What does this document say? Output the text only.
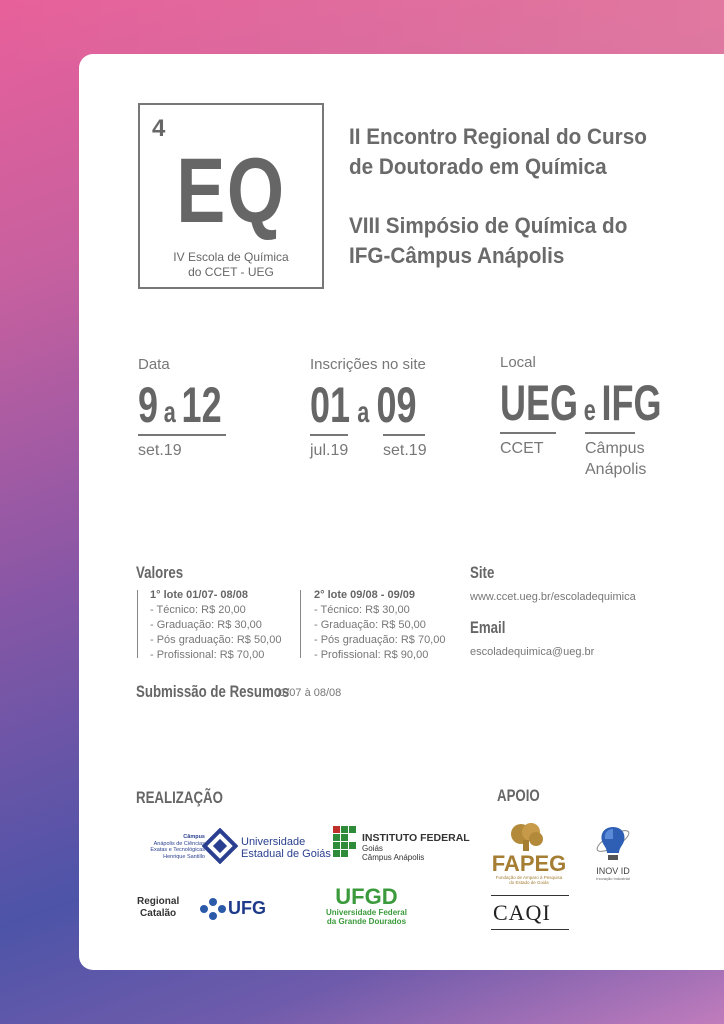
4
EQ
IV Escola de Química
do CCET - UEG
II Encontro Regional do Curso
de Doutorado em Química
VIII Simpósio de Química do
IFG-Câmpus Anápolis
Data
9 a 12
set.19
Inscrições no site
01 a 09
jul.19 set.19
Local
UEG e IFG
CCET	Câmpus
Anápolis
Valores
1° lote 01/07- 08/08
- Técnico: R$ 20,00
- Graduação: R$ 30,00
- Pós graduação: R$ 50,00
- Profissional: R$ 70,00
2° lote 09/08 - 09/09
- Técnico: R$ 30,00
- Graduação: R$ 50,00
- Pós graduação: R$ 70,00
- Profissional: R$ 90,00
Submissão de Resumos
01/07 à 08/08
Site
www.ccet.ueg.br/escoladequimica
Email
escoladequimica@ueg.br
REALIZAÇÃO
Câmpus
Anápolis de Ciências
Exatas e Tecnológicas
Henrique Santillo
Universidade
Estadual de Goiás
INSTITUTO FEDERAL
Goiás
Câmpus Anápolis
Regional
Catalão	UFG	UFGD
Universidade Federal
da Grande Dourados
APOIO
FAPEG
Fundação de Amparo à Pesquisa
do Estado de Goiás
CAQI
INOV ID
Inovação Industrial
